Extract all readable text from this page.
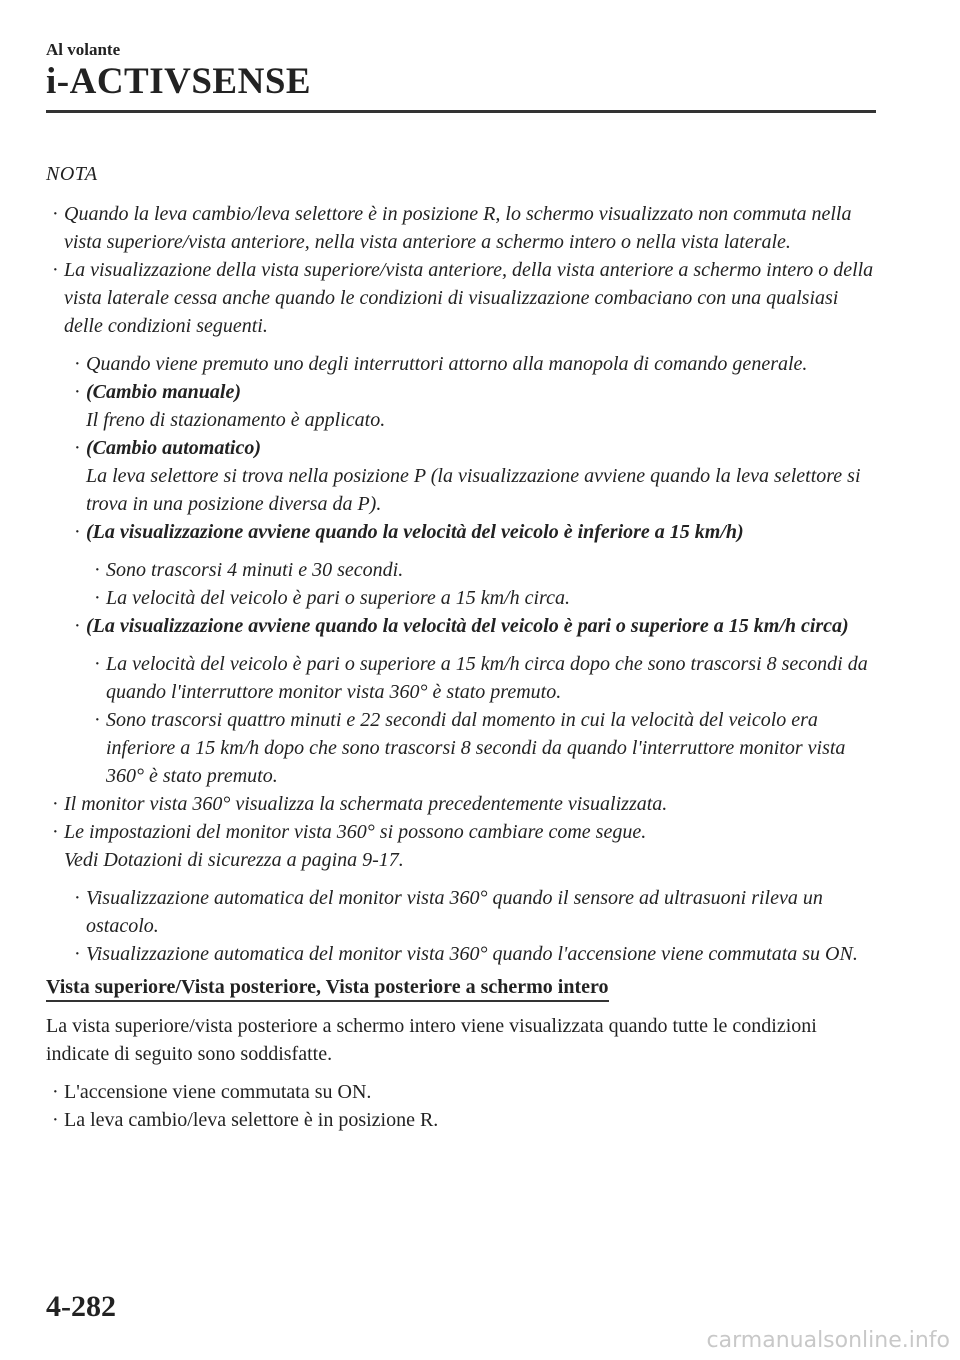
Al volante
i-ACTIVSENSE
NOTA
· Quando la leva cambio/leva selettore è in posizione R, lo schermo visualizzato non commuta nella vista superiore/vista anteriore, nella vista anteriore a schermo intero o nella vista laterale.
· La visualizzazione della vista superiore/vista anteriore, della vista anteriore a schermo intero o della vista laterale cessa anche quando le condizioni di visualizzazione combaciano con una qualsiasi delle condizioni seguenti.
· Quando viene premuto uno degli interruttori attorno alla manopola di comando generale.
· (Cambio manuale)
Il freno di stazionamento è applicato.
· (Cambio automatico)
La leva selettore si trova nella posizione P (la visualizzazione avviene quando la leva selettore si trova in una posizione diversa da P).
· (La visualizzazione avviene quando la velocità del veicolo è inferiore a 15 km/h)
· Sono trascorsi 4 minuti e 30 secondi.
· La velocità del veicolo è pari o superiore a 15 km/h circa.
· (La visualizzazione avviene quando la velocità del veicolo è pari o superiore a 15 km/h circa)
· La velocità del veicolo è pari o superiore a 15 km/h circa dopo che sono trascorsi 8 secondi da quando l'interruttore monitor vista 360° è stato premuto.
· Sono trascorsi quattro minuti e 22 secondi dal momento in cui la velocità del veicolo era inferiore a 15 km/h dopo che sono trascorsi 8 secondi da quando l'interruttore monitor vista 360° è stato premuto.
· Il monitor vista 360° visualizza la schermata precedentemente visualizzata.
· Le impostazioni del monitor vista 360° si possono cambiare come segue.
Vedi Dotazioni di sicurezza a pagina 9-17.
· Visualizzazione automatica del monitor vista 360° quando il sensore ad ultrasuoni rileva un ostacolo.
· Visualizzazione automatica del monitor vista 360° quando l'accensione viene commutata su ON.
Vista superiore/Vista posteriore, Vista posteriore a schermo intero
La vista superiore/vista posteriore a schermo intero viene visualizzata quando tutte le condizioni indicate di seguito sono soddisfatte.
· L'accensione viene commutata su ON.
· La leva cambio/leva selettore è in posizione R.
4-282
carmanualsonline.info
